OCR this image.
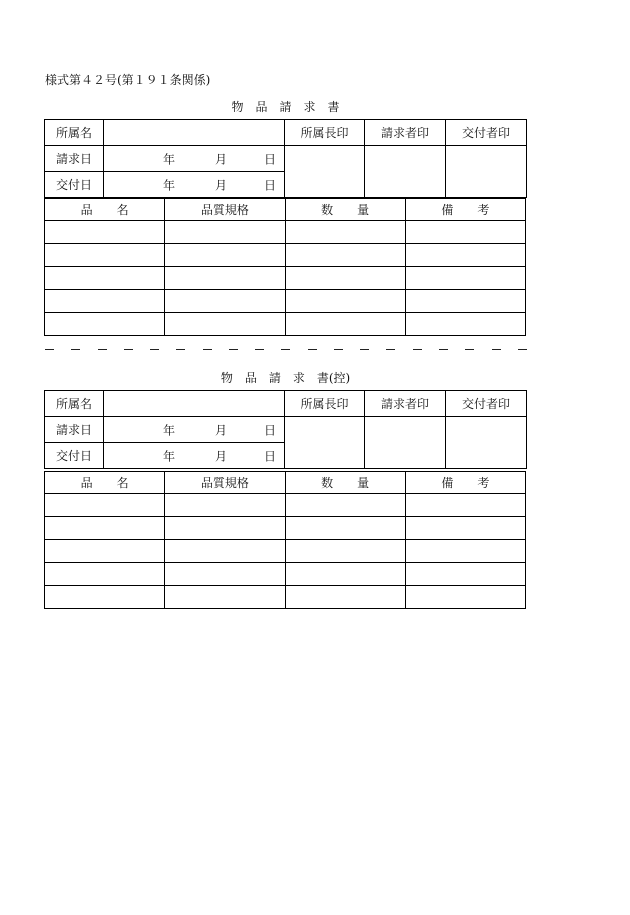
様式第４２号(第１９１条関係)
物　品　請　求　書
所属名		所属長印	請求者印	交付者印
請求日	年 月 日			

交付日	年 月 日			
品　　名	品質規格	数　　量	備　　考

物　品　請　求　書(控)
所属名		所属長印	請求者印	交付者印
請求日	年 月 日			

交付日	年 月 日			
品　　名	品質規格	数　　量	備　　考
